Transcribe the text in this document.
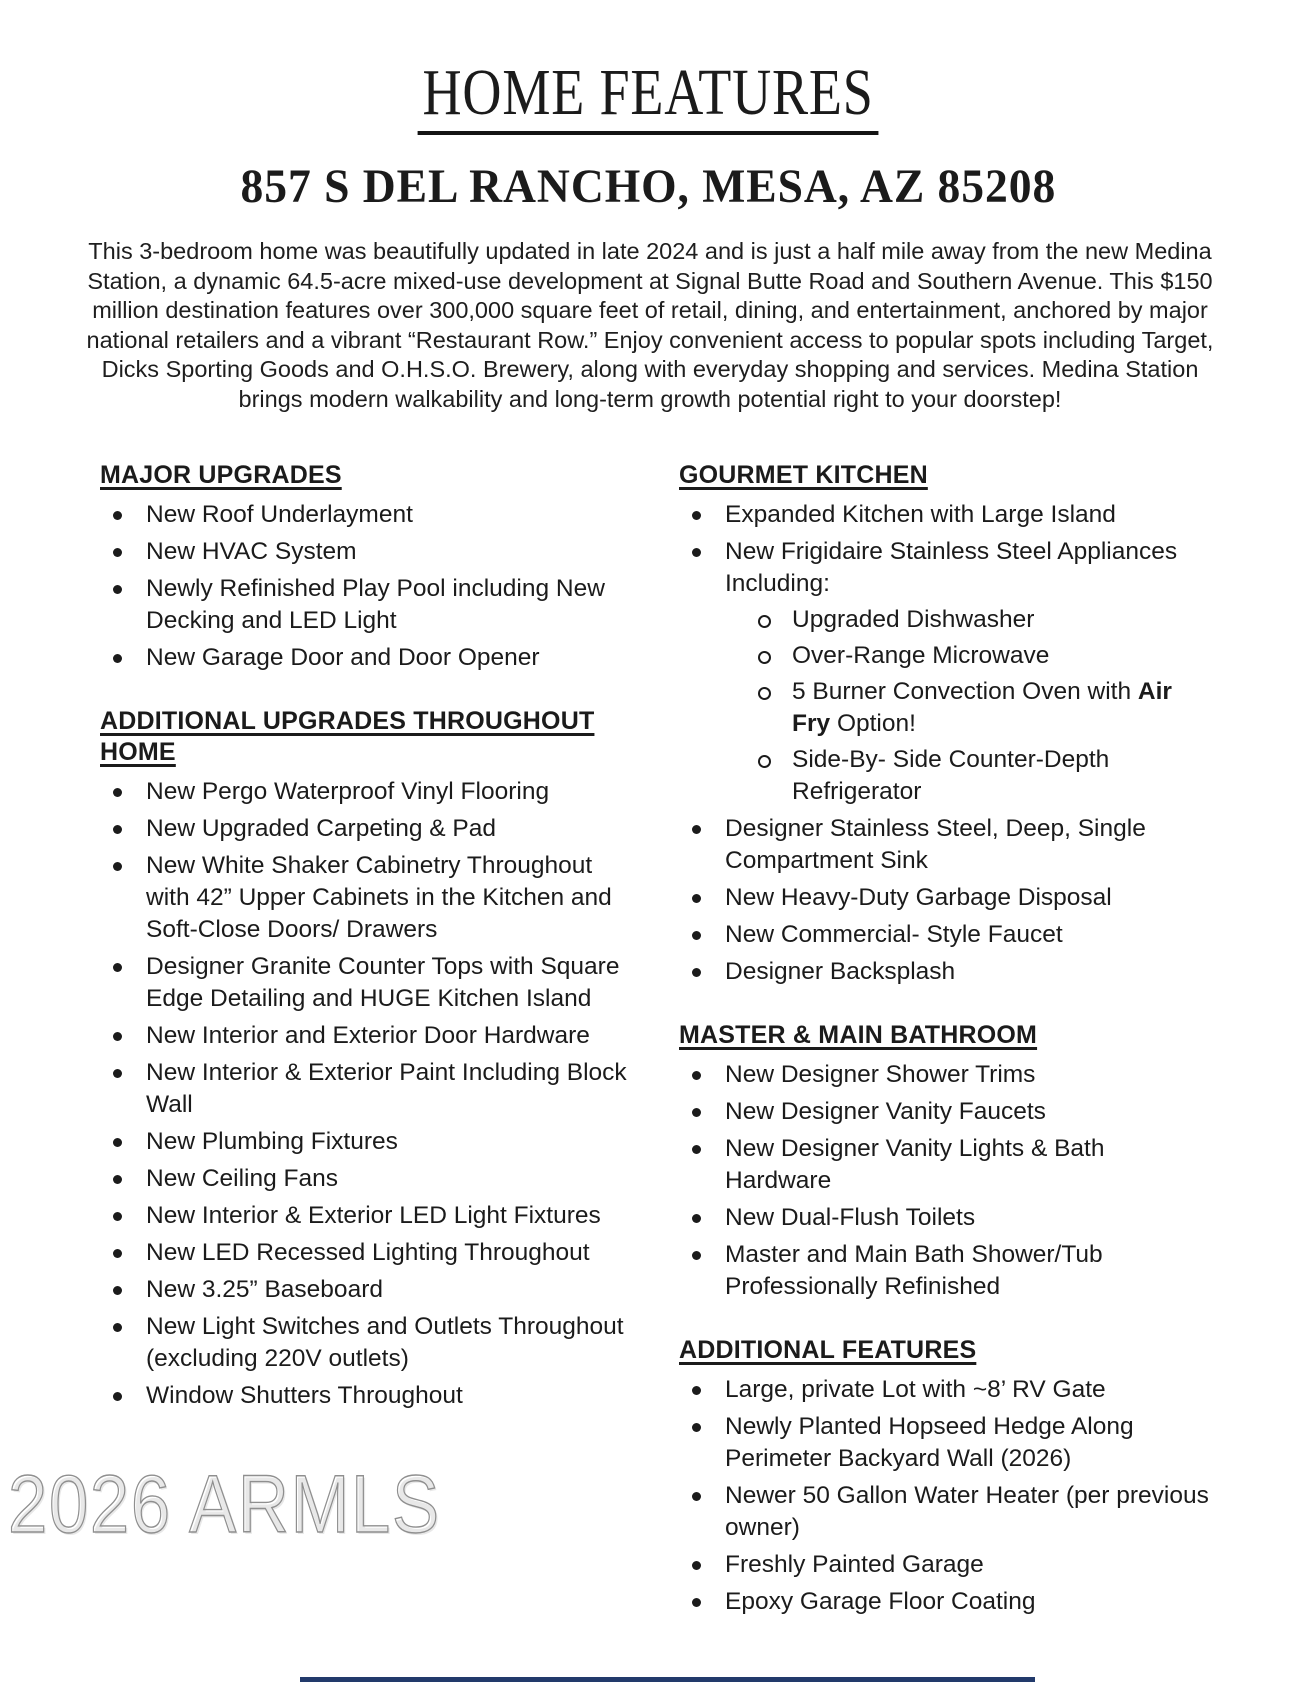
HOME FEATURES
857 S DEL RANCHO, MESA, AZ 85208

This 3-bedroom home was beautifully updated in late 2024 and is just a half mile away from the new Medina Station, a dynamic 64.5-acre mixed-use development at Signal Butte Road and Southern Avenue. This $150 million destination features over 300,000 square feet of retail, dining, and entertainment, anchored by major national retailers and a vibrant “Restaurant Row.” Enjoy convenient access to popular spots including Target, Dicks Sporting Goods and O.H.S.O. Brewery, along with everyday shopping and services. Medina Station brings modern walkability and long-term growth potential right to your doorstep!

MAJOR UPGRADES
New Roof Underlayment
New HVAC System
Newly Refinished Play Pool including New Decking and LED Light
New Garage Door and Door Opener
ADDITIONAL UPGRADES THROUGHOUT HOME
New Pergo Waterproof Vinyl Flooring
New Upgraded Carpeting & Pad
New White Shaker Cabinetry Throughout with 42” Upper Cabinets in the Kitchen and Soft-Close Doors/ Drawers
Designer Granite Counter Tops with Square Edge Detailing and HUGE Kitchen Island
New Interior and Exterior Door Hardware
New Interior & Exterior Paint Including Block Wall
New Plumbing Fixtures
New Ceiling Fans
New Interior & Exterior LED Light Fixtures
New LED Recessed Lighting Throughout
New 3.25” Baseboard
New Light Switches and Outlets Throughout (excluding 220V outlets)
Window Shutters Throughout
GOURMET KITCHEN
Expanded Kitchen with Large Island
New Frigidaire Stainless Steel Appliances Including:
Upgraded Dishwasher
Over-Range Microwave
5 Burner Convection Oven with Air Fry Option!
Side-By- Side Counter-Depth Refrigerator
Designer Stainless Steel, Deep, Single Compartment Sink
New Heavy-Duty Garbage Disposal
New Commercial- Style Faucet
Designer Backsplash
MASTER & MAIN BATHROOM
New Designer Shower Trims
New Designer Vanity Faucets
New Designer Vanity Lights & Bath Hardware
New Dual-Flush Toilets
Master and Main Bath Shower/Tub Professionally Refinished
ADDITIONAL FEATURES
Large, private Lot with ~8’ RV Gate
Newly Planted Hopseed Hedge Along Perimeter Backyard Wall (2026)
Newer 50 Gallon Water Heater (per previous owner)
Freshly Painted Garage
Epoxy Garage Floor Coating
2026 ARMLS
